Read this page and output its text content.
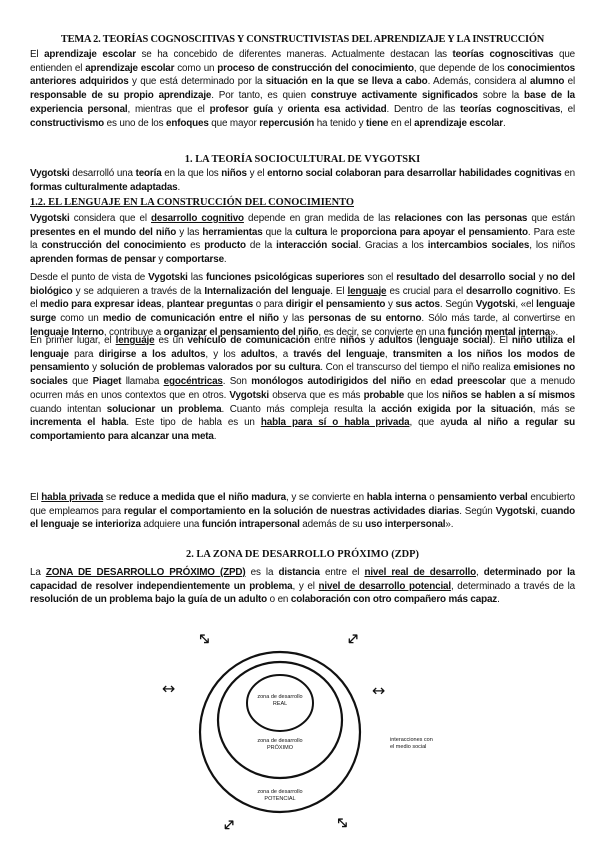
TEMA 2. TEORÍAS COGNOSCITIVAS Y CONSTRUCTIVISTAS DEL APRENDIZAJE Y LA INSTRUCCIÓN
El aprendizaje escolar se ha concebido de diferentes maneras. Actualmente destacan las teorías cognoscitivas que entienden el aprendizaje escolar como un proceso de construcción del conocimiento, que depende de los conocimientos anteriores adquiridos y que está determinado por la situación en la que se lleva a cabo. Además, considera al alumno el responsable de su propio aprendizaje. Por tanto, es quien construye activamente significados sobre la base de la experiencia personal, mientras que el profesor guía y orienta esa actividad. Dentro de las teorías cognoscitivas, el constructivismo es uno de los enfoques que mayor repercusión ha tenido y tiene en el aprendizaje escolar.
1. LA TEORÍA SOCIOCULTURAL DE VYGOTSKI
Vygotski desarrolló una teoría en la que los niños y el entorno social colaboran para desarrollar habilidades cognitivas en formas culturalmente adaptadas.
1.2. EL LENGUAJE EN LA CONSTRUCCIÓN DEL CONOCIMIENTO
Vygotski considera que el desarrollo cognitivo depende en gran medida de las relaciones con las personas que están presentes en el mundo del niño y las herramientas que la cultura le proporciona para apoyar el pensamiento. Para este la construcción del conocimiento es producto de la interacción social. Gracias a los intercambios sociales, los niños aprenden formas de pensar y comportarse.
Desde el punto de vista de Vygotski las funciones psicológicas superiores son el resultado del desarrollo social y no del biológico y se adquieren a través de la Internalización del lenguaje. El lenguaje es crucial para el desarrollo cognitivo. Es el medio para expresar ideas, plantear preguntas o para dirigir el pensamiento y sus actos. Según Vygotski, «el lenguaje surge como un medio de comunicación entre el niño y las personas de su entorno. Sólo más tarde, al convertirse en lenguaje Interno, contribuye a organizar el pensamiento del niño, es decir, se convierte en una función mental interna».
En primer lugar, el lenguaje es un vehículo de comunicación entre niños y adultos (lenguaje social). El niño utiliza el lenguaje para dirigirse a los adultos, y los adultos, a través del lenguaje, transmiten a los niños los modos de pensamiento y solución de problemas valorados por su cultura. Con el transcurso del tiempo el niño realiza emisiones no sociales que Piaget llamaba egocéntricas. Son monólogos autodirigidos del niño en edad preescolar que a menudo ocurren más en unos contextos que en otros. Vygotski observa que es más probable que los niños se hablen a sí mismos cuando intentan solucionar un problema. Cuanto más compleja resulta la acción exigida por la situación, más se incrementa el habla. Este tipo de habla es un habla para sí o habla privada, que ayuda al niño a regular su comportamiento para alcanzar una meta.
El habla privada se reduce a medida que el niño madura, y se convierte en habla interna o pensamiento verbal encubierto que empleamos para regular el comportamiento en la solución de nuestras actividades diarias. Según Vygotski, cuando el lenguaje se interioriza adquiere una función intrapersonal además de su uso interpersonal».
2. LA ZONA DE DESARROLLO PRÓXIMO (ZDP)
La ZONA DE DESARROLLO PRÓXIMO (ZPD) es la distancia entre el nivel real de desarrollo, determinado por la capacidad de resolver independientemente un problema, y el nivel de desarrollo potencial, determinado a través de la resolución de un problema bajo la guía de un adulto o en colaboración con otro compañero más capaz.
zona de desarrollo
REAL
zona de desarrollo
PRÓXIMO
zona de desarrollo
POTENCIAL
interacciones con
el medio social
↔	↔
↔	↔
↔	↔
